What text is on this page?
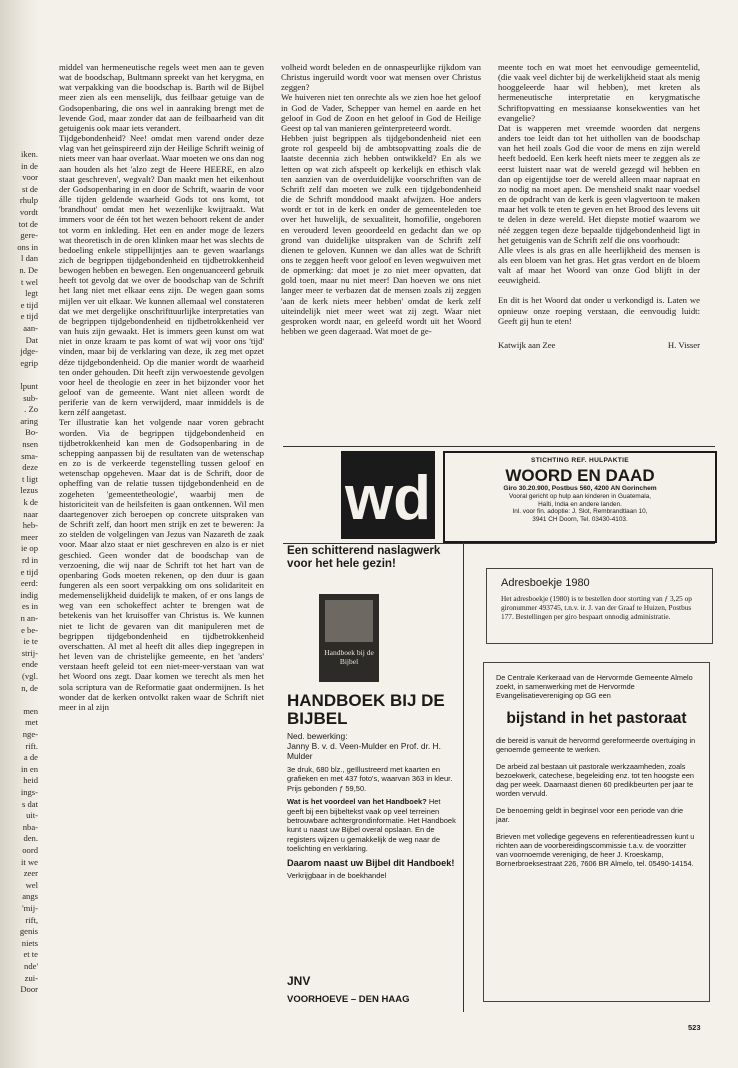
iken.
in de
voor
st de
rhulp
vordt
tot de
gere-
ons in
l dan
n. De
t wel
legt
e tijd
e tijd
aan-
Dat
jdge-
egrip
lpunt
sub-
. Zo
aring
Bo-
nsen
sma-
deze
t ligt
lezus
k de
naar
heb-
meer
ie op
rd in
e tijd
eerd:
indig
es in
n an-
e be-
ie te
strij-
ende
(vgl.
n, de
men
met
nge-
rift.
a de
in en
heid
ings-
s dat
uit-
nba-
den.
oord
it we
zeer
wel
angs
'mij-
rift,
genis
niets
et te
nde'
zui-
Door

middel van hermeneutische regels weet men aan te geven wat de boodschap, Bultmann spreekt van het kerygma, en wat verpakking van die boodschap is. Barth wil de Bijbel meer zien als een menselijk, dus feilbaar getuige van de Godsopenbaring, die ons wel in aanraking brengt met de levende God, maar zonder dat aan de feilbaarheid van dit getuigenis ook maar iets verandert.

Tijdgebondenheid? Nee! omdat men varend onder deze vlag van het geïnspireerd zijn der Heilige Schrift weinig of niets meer van haar overlaat. Waar moeten we ons dan nog aan houden als het 'alzo zegt de Heere HEERE, en alzo staat geschreven', wegvalt? Dan maakt men het eikenhout der Godsopenbaring in en door de Schrift, waarin de voor álle tijden geldende waarheid Gods tot ons komt, tot 'brandhout' omdat men het wezenlijke kwijtraakt. Wat immers voor de één tot het wezen behoort rekent de ander tot vorm en inkleding. Het een en ander moge de lezers wat theoretisch in de oren klinken maar het was slechts de bedoeling enkele stippellijntjes aan te geven waarlangs zich de begrippen tijdgebondenheid en tijdbetrokkenheid bewogen hebben en bewegen. Een ongenuanceerd gebruik heeft tot gevolg dat we over de boodschap van de Schrift het lang niet met elkaar eens zijn. De wegen gaan soms mijlen ver uit elkaar. We kunnen allemaal wel constateren dat we met dergelijke onschrifttuurlijke interpretaties van de begrippen tijdgebondenheid en tijdbetrokkenheid ver van huis zijn gewaakt. Het is immers geen kunst om wat niet in onze kraam te pas komt of wat wij voor ons 'tijd' vinden, maar bij de verklaring van deze, ik zeg met opzet déze tijdgebondenheid. Op die manier wordt de waarheid ten onder gehouden. Dit heeft zijn verwoestende gevolgen voor heel de theologie en zeer in het bijzonder voor het geloof van de gemeente. Want niet alleen wordt de periferie van de kern verwijderd, maar inmiddels is de kern zélf aangetast.

Ter illustratie kan het volgende naar voren gebracht worden. Via de begrippen tijdgebondenheid en tijdbetrokkenheid kan men de Godsopenbaring in de schepping aanpassen bij de resultaten van de wetenschap en zo is de verkeerde tegenstelling tussen geloof en wetenschap opgeheven. Maar dat is de Schrift, door de opheffing van de relatie tussen tijdgebondenheid en de zogeheten 'gemeentetheologie', waarbij men de historiciteit van de heilsfeiten is gaan ontkennen. Wil men daartegenover zich beroepen op concrete uitspraken van de Schrift zelf, dan hoort men strijk en zet te beweren: Ja zo stelden de volgelingen van Jezus van Nazareth de zaak voor. Maar alzo staat er niet geschreven en alzo is er niet geschied. Geen wonder dat de boodschap van de verzoening, die wij naar de Schrift tot het hart van de openbaring Gods moeten rekenen, op den duur is gaan fungeren als een soort verpakking om ons solidariteit en medemenselijkheid duidelijk te maken, of er ons langs de weg van een schokeffect achter te brengen wat de betekenis van het kruisoffer van Christus is. We kunnen niet te licht de gevaren van dit manipuleren met de begrippen tijdgebondenheid en tijdbetrokkenheid overschatten. Al met al heeft dit alles diep ingegrepen in het leven van de christelijke gemeente, en het 'anders' verstaan heeft geleid tot een niet-meer-verstaan van wat het Woord ons zegt. Daar komen we terecht als men het sola scriptura van de Reformatie gaat ondermijnen. Is het wonder dat de kerken ontvolkt raken waar de Schrift niet meer in al zijn

volheid wordt beleden en de onnaspeurlijke rijkdom van Christus ingeruild wordt voor wat mensen over Christus zeggen?

We huiveren niet ten onrechte als we zien hoe het geloof in God de Vader, Schepper van hemel en aarde en het geloof in God de Zoon en het geloof in God de Heilige Geest op tal van manieren geïnterpreteerd wordt.

Hebben juist begrippen als tijdgebondenheid niet een grote rol gespeeld bij de ambtsopvatting zoals die de laatste decennia zich hebben ontwikkeld? En als we letten op wat zich afspeelt op kerkelijk en ethisch vlak ten aanzien van de overduidelijke voorschriften van de Schrift zelf dan moeten we zulk een tijdgebondenheid die de Schrift monddood maakt afwijzen. Hoe anders wordt er tot in de kerk en onder de gemeenteleden toe over het huwelijk, de sexualiteit, homofilie, ongeboren en verouderd leven geoordeeld en gedacht dan we op grond van duidelijke uitspraken van de Schrift zelf dienen te geloven. Kunnen we dan alles wat de Schrift ons te zeggen heeft voor geloof en leven wegwuiven met de opmerking: dat moet je zo niet meer opvatten, dat gold toen, maar nu niet meer! Dan hoeven we ons niet langer meer te verbazen dat de mensen zoals zij zeggen 'aan de kerk niets meer hebben' omdat de kerk zelf uiteindelijk niet meer weet wat zij zegt. Waar niet gesproken wordt naar, en geleefd wordt uit het Woord hebben we geen dageraad. Wat moet de ge-

meente toch en wat moet het eenvoudige gemeentelid, (die vaak veel dichter bij de werkelijkheid staat als menig hooggeleerde haar wil hebben), met kreten als hermeneutische interpretatie en kerygmatische Schriftopvatting en messiaanse konsekwenties van het evangelie?

Dat is wapperen met vreemde woorden dat nergens anders toe leidt dan tot het uithollen van de boodschap van het heil zoals God die voor de mens en zijn wereld heeft bedoeld. Een kerk heeft niets meer te zeggen als ze eerst luistert naar wat de wereld gezegd wil hebben en dan op eigentijdse toer de wereld alleen maar napraat en zo nodig na moet apen. De mensheid snakt naar voedsel en de opdracht van de kerk is geen vlagvertoon te maken maar het volk te eten te geven en het Brood des levens uit te delen in deze wereld. Het diepste motief waarom we néé zeggen tegen deze bepaalde tijdgebondenheid ligt in het getuigenis van de Schrift zelf die ons voorhoudt:

Alle vlees is als gras en alle heerlijkheid des mensen is als een bloem van het gras. Het gras verdort en de bloem valt af maar het Woord van onze God blijft in der eeuwigheid.

En dit is het Woord dat onder u verkondigd is. Laten we opnieuw onze roeping verstaan, die eenvoudig luidt: Geeft gij hun te eten!

Katwijk aan Zee	H. Visser
wd
STICHTING REF. HULPAKTIE
WOORD EN DAAD
Giro 30.20.900, Postbus 560, 4200 AN Gorinchem
Vooral gericht op hulp aan kinderen in Guatemala,
Haïti, India en andere landen.
Inl. voor fin. adoptie: J. Slot, Rembrandtlaan 10,
3941 CH Doorn, Tel. 03430-4103.
Een schitterend naslagwerk voor het hele gezin!
Handboek bij de Bijbel
HANDBOEK BIJ DE BIJBEL

Ned. bewerking:

Janny B. v. d. Veen-Mulder en Prof. dr. H. Mulder

3e druk, 680 blz., geïllustreerd met kaarten en grafieken en met 437 foto's, waarvan 363 in kleur. Prijs gebonden ƒ 59,50.

Wat is het voordeel van het Handboek? Het geeft bij een bijbeltekst vaak op veel terreinen betrouwbare achtergrondinformatie. Het Handboek kunt u naast uw Bijbel overal opslaan. En de registers wijzen u gemakkelijk de weg naar de toelichting en verklaring.

Daarom naast uw Bijbel dit Handboek!

Verkrijgbaar in de boekhandel

JNV
VOORHOEVE – DEN HAAG
Adresboekje 1980
Het adresboekje (1980) is te bestellen door storting van ƒ 3,25 op gironummer 493745, t.n.v. ir. J. van der Graaf te Huizen, Postbus 177. Bestellingen per giro bespaart onnodig administratie.
De Centrale Kerkeraad van de Hervormde Gemeente Almelo zoekt, in samenwerking met de Hervormde Evangelisatievereniging op GG een
bijstand in het pastoraat

die bereid is vanuit de hervormd gereformeerde overtuiging in genoemde gemeente te werken.

De arbeid zal bestaan uit pastorale werkzaamheden, zoals bezoekwerk, catechese, begeleiding enz. tot ten hoogste een dag per week. Daarnaast dienen 60 predikbeurten per jaar te worden vervuld.

De benoeming geldt in beginsel voor een periode van drie jaar.

Brieven met volledige gegevens en referentieadressen kunt u richten aan de voorbereidingscommissie t.a.v. de voorzitter van voornoemde vereniging, de heer J. Kroeskamp, Bornerbroeksestraat 226, 7606 BR Almelo, tel. 05490-14154.

523
